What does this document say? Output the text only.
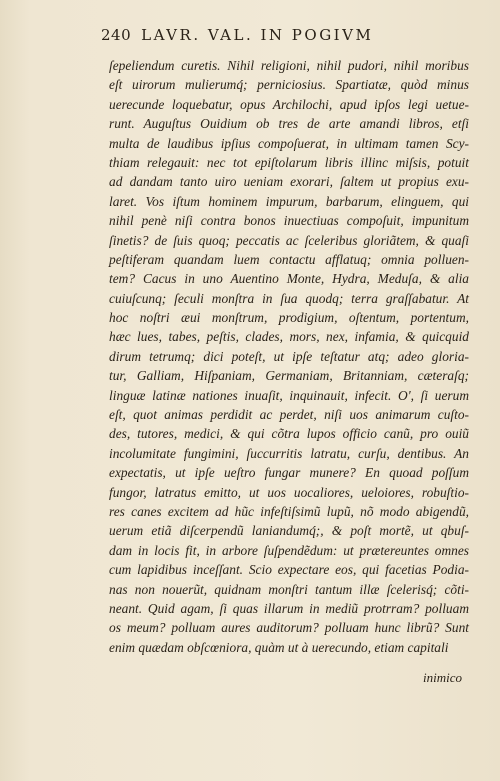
240 LAVR. VAL. IN POGIVM
ſepeliendum curetis. Nihil religioni, nihil pudori, nihil moribus
eſt uirorum mulierumq́; perniciosius. Spartiatæ, quòd minus
uerecunde loquebatur, opus Archilochi, apud ipſos legi uetue-
runt. Auguſtus Ouidium ob tres de arte amandi libros, etſi
multa de laudibus ipſius compoſuerat, in ultimam tamen Scy-
thiam relegauit: nec tot epiſtolarum libris illinc miſsis, potuit
ad dandam tanto uiro ueniam exorari, ſaltem ut propius exu-
laret. Vos iſtum hominem impurum, barbarum, elinguem, qui
nihil penè niſi contra bonos inuectiuas compoſuit, impunitum
ſinetis? de ſuis quoq; peccatis ac ſceleribus gloriãtem, & quaſi
peſtiferam quandam luem contactu afflatuq; omnia polluen-
tem? Cacus in uno Auentino Monte, Hydra, Meduſa, & alia
cuiuſcunq; ſeculi monſtra in ſua quodq; terra graſſabatur. At
hoc noſtri æui monſtrum, prodigium, oſtentum, portentum,
hæc lues, tabes, peſtis, clades, mors, nex, infamia, & quicquid
dirum tetrumq; dici poteſt, ut ipſe teſtatur atq; adeo gloria-
tur, Galliam, Hiſpaniam, Germaniam, Britanniam, cæteraſq;
linguæ latinæ nationes inuaſit, inquinauit, infecit. O', ſi uerum
eſt, quot animas perdidit ac perdet, niſi uos animarum cuſto-
des, tutores, medici, & qui cõtra lupos officio canũ, pro ouiũ
incolumitate fungimini, ſuccurritis latratu, curſu, dentibus. An
expectatis, ut ipſe ueſtro fungar munere? En quoad poſſum
fungor, latratus emitto, ut uos uocaliores, ueloiores, robuſtio-
res canes excitem ad hũc infeſtiſsimũ lupũ, nõ modo abigendũ,
uerum etiã diſcerpendũ laniandumq́;, & poſt mortẽ, ut qbuſ-
dam in locis fit, in arbore ſuſpendẽdum: ut prætereuntes omnes
cum lapidibus inceſſant. Scio expectare eos, qui facetias Podia-
nas non nouerũt, quidnam monſtri tantum illæ ſcelerisq́; cõti-
neant. Quid agam, ſi quas illarum in mediũ protrram? polluam
os meum? polluam aures auditorum? polluam hunc librũ? Sunt
enim quædam obſcœniora, quàm ut à uerecundo, etiam capitali
inimico
